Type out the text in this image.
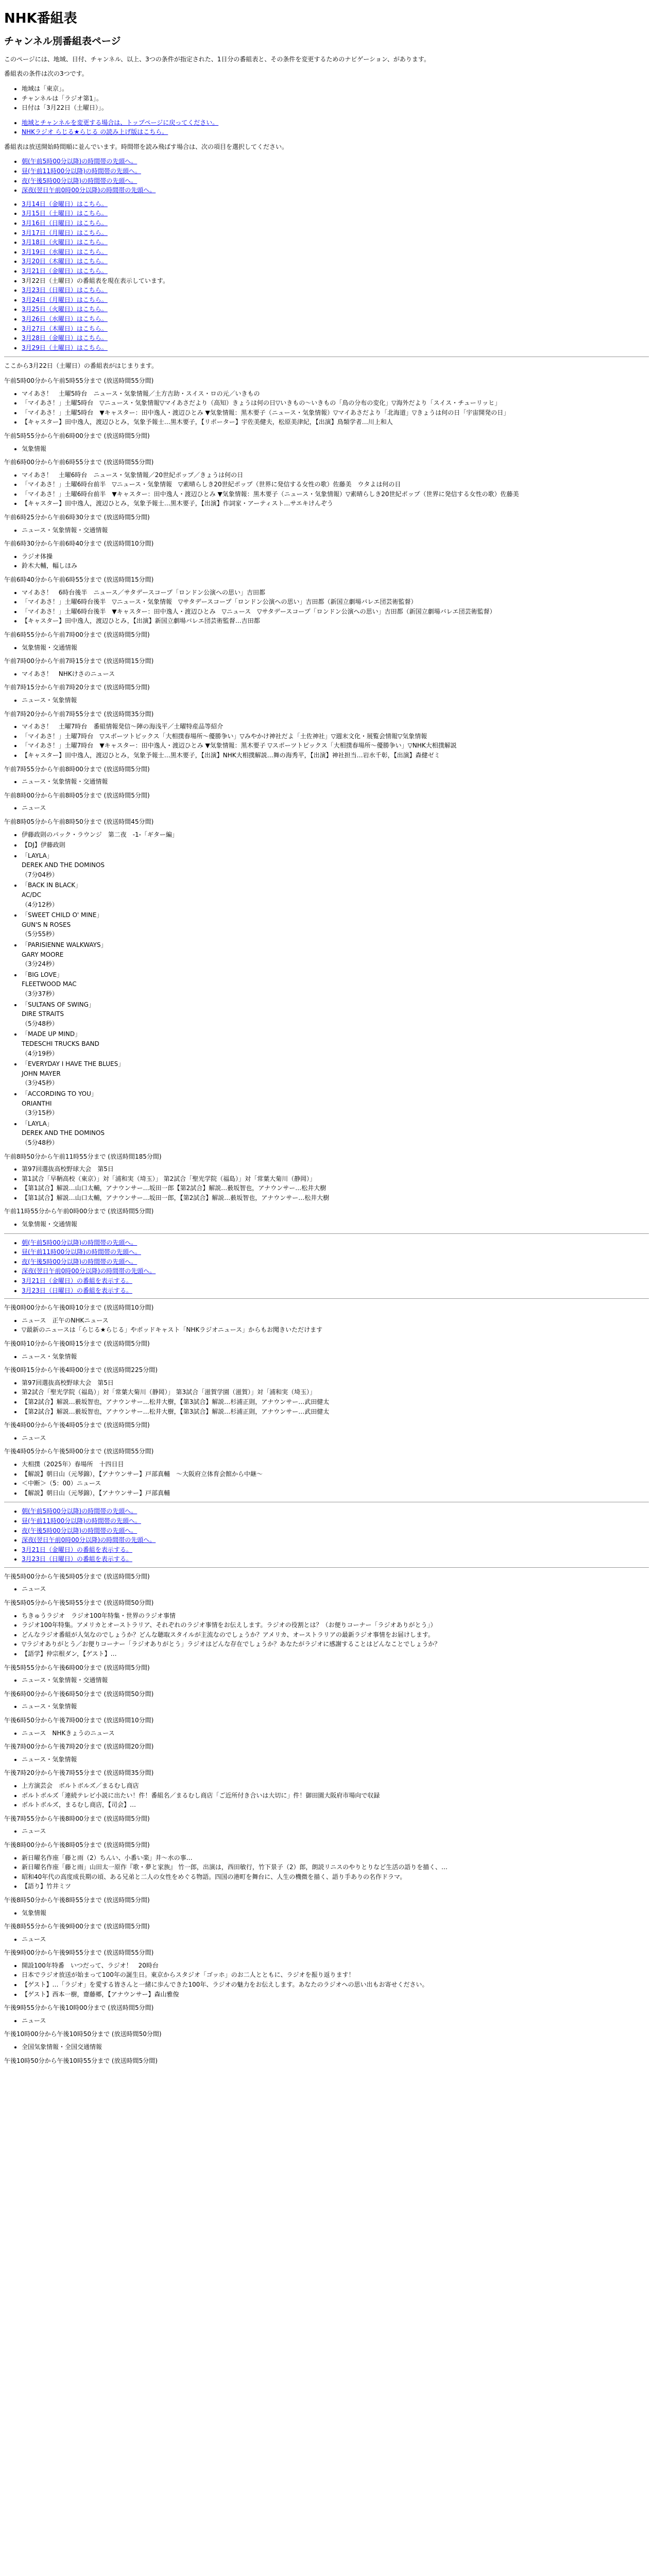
NHK番組表
チャンネル別番組表ページ

このページには、地域、日付、チャンネル、以上、3つの条件が指定された、1日分の番組表と、その条件を変更するためのナビゲーション、があります。

番組表の条件は次の3つです。

• 地域は「東京」。
• チャンネルは「ラジオ第1」。
• 日付は「3月22日（土曜日）」。
• 地域とチャンネルを変更する場合は、トップページに戻ってください。
• NHKラジオ らじる★らじる の読み上げ版はこちら。

番組表は放送開始時間順に並んでいます。時間帯を読み飛ばす場合は、次の項目を選択してください。

• 朝(午前5時00分以降)の時間帯の先頭へ。
• 昼(午前11時00分以降)の時間帯の先頭へ。
• 夜(午後5時00分以降)の時間帯の先頭へ。
• 深夜(翌日午前0時00分以降)の時間帯の先頭へ。
• 3月14日（金曜日）はこちら。
• 3月15日（土曜日）はこちら。
• 3月16日（日曜日）はこちら。
• 3月17日（月曜日）はこちら。
• 3月18日（火曜日）はこちら。
• 3月19日（水曜日）はこちら。
• 3月20日（木曜日）はこちら。
• 3月21日（金曜日）はこちら。
• 3月22日（土曜日）の番組表を現在表示しています。
• 3月23日（日曜日）はこちら。
• 3月24日（月曜日）はこちら。
• 3月25日（火曜日）はこちら。
• 3月26日（水曜日）はこちら。
• 3月27日（木曜日）はこちら。
• 3月28日（金曜日）はこちら。
• 3月29日（土曜日）はこちら。

ここから3月22日（土曜日）の番組表がはじまります。

午前5時00分から午前5時55分まで (放送時間55分間)

• マイあさ！　土曜5時台　ニュース・気象情報／土方吉助・スイス・ロの元／いきもの
• 「マイあさ！」土曜5時台　▽ニュース・気象情報▽マイあさだより（高知）きょうは何の日▽いきもの～いきもの「鳥の分布の変化」▽海外だより「スイス・チューリッヒ」
• 「マイあさ！」土曜5時台　▼キャスター：田中逸人・渡辺ひとみ ▼気象情報：黒木要子（ニュース・気象情報）▽マイあさだより「北海道」▽きょうは何の日「宇宙開発の日」
• 【キャスター】田中逸人，渡辺ひとみ，気象予報士…黒木要子，【リポーター】宇佐美健夫，松原美津紀，【出演】鳥類学者…川上和人

午前5時55分から午前6時00分まで (放送時間5分間)

• 気象情報

午前6時00分から午前6時55分まで (放送時間55分間)

• マイあさ！　土曜6時台　ニュース・気象情報／20世紀ポップ／きょうは何の日
• 「マイあさ！」土曜6時台前半　▽ニュース・気象情報　▽素晴らしき20世紀ポップ（世界に発信する女性の歌）佐藤美　ウタよは何の日
• 「マイあさ！」土曜6時台前半　▼キャスター：田中逸人・渡辺ひとみ ▼気象情報：黒木要子（ニュース・気象情報）▽素晴らしき20世紀ポップ（世界に発信する女性の歌）佐藤美
• 【キャスター】田中逸人，渡辺ひとみ，気象予報士…黒木要子，【出演】作詞家・アーティスト…サエキけんぞう

午前6時25分から午前6時30分まで (放送時間5分間)

• ニュース・気象情報・交通情報

午前6時30分から午前6時40分まで (放送時間10分間)

• ラジオ体操
• 鈴木大輔，幅しほみ

午前6時40分から午前6時55分まで (放送時間15分間)

• マイあさ！　6時台後半　ニュース／サタデースコープ「ロンドン公演への思い」吉田都
• 「マイあさ！」土曜6時台後半　▽ニュース・気象情報　▽サタデースコープ「ロンドン公演への思い」吉田都（新国立劇場バレエ団芸術監督）
• 「マイあさ！」土曜6時台後半　▼キャスター：田中逸人・渡辺ひとみ　▽ニュース　▽サタデースコープ「ロンドン公演への思い」吉田都（新国立劇場バレエ団芸術監督）
• 【キャスター】田中逸人，渡辺ひとみ，【出演】新国立劇場バレエ団芸術監督…吉田都

午前6時55分から午前7時00分まで (放送時間5分間)

• 気象情報・交通情報

午前7時00分から午前7時15分まで (放送時間15分間)

• マイあさ！　NHKけさのニュース

午前7時15分から午前7時20分まで (放送時間5分間)

• ニュース・気象情報

午前7時20分から午前7時55分まで (放送時間35分間)

• マイあさ！　土曜7時台　番組情報発信～陣の海浅平／土曜特産品等紹介
• 「マイあさ！」土曜7時台　▽スポーツトピックス「大相撲春場所～優勝争い」▽みやかけ神社だよ「土佐神社」▽週末文化・展覧会情報▽気象情報
• 「マイあさ！」土曜7時台　▼キャスター：田中逸人・渡辺ひとみ ▼気象情報：黒木要子 ▽スポーツトピックス「大相撲春場所～優勝争い」▽NHK大相撲解説
• 【キャスター】田中逸人，渡辺ひとみ，気象予報士…黒木要子，【出演】NHK大相撲解説…舞の海秀平，【出演】神社担当…岩水千彰，【出演】森健ゼミ

午前7時55分から午前8時00分まで (放送時間5分間)

• ニュース・気象情報・交通情報

午前8時00分から午前8時05分まで (放送時間5分間)

• ニュース

午前8時05分から午前8時50分まで (放送時間45分間)

• 伊藤政則のパック・ラウンジ　第二夜　-1-「ギター編」
• 【DJ】伊藤政則
• 「LAYLA」
DEREK AND THE DOMINOS
（7分04秒）
• 「BACK IN BLACK」
AC/DC
（4分12秒）
• 「SWEET CHILD O' MINE」
GUN'S N ROSES
（5分55秒）
• 「PARISIENNE WALKWAYS」
GARY MOORE
（3分24秒）
• 「BIG LOVE」
FLEETWOOD MAC
（3分37秒）
• 「SULTANS OF SWING」
DIRE STRAITS
（5分48秒）
• 「MADE UP MIND」
TEDESCHI TRUCKS BAND
（4分19秒）
• 「EVERYDAY I HAVE THE BLUES」
JOHN MAYER
（3分45秒）
• 「ACCORDING TO YOU」
ORIANTHI
（3分15秒）
• 「LAYLA」
DEREK AND THE DOMINOS
（5分48秒）

午前8時50分から午前11時55分まで (放送時間185分間)

• 第97回選抜高校野球大会　第5日
• 第1試合「早鞆高校（東京）」対「浦和実（埼玉）」 第2試合「聖光学院（福島）」対「常葉大菊川（静岡）」
• 【第1試合】解説…山口太輔，アナウンサー…坂田一郎【第2試合】解説…薮坂智也，アナウンサー…松井大樹
• 【第1試合】解説…山口太輔，アナウンサー…坂田一郎，【第2試合】解説…薮坂智也，アナウンサー…松井大樹

午前11時55分から午前0時00分まで (放送時間5分間)

• 気象情報・交通情報
• 朝(午前5時00分以降)の時間帯の先頭へ。
• 昼(午前11時00分以降)の時間帯の先頭へ。
• 夜(午後5時00分以降)の時間帯の先頭へ。
• 深夜(翌日午前0時00分以降)の時間帯の先頭へ。
• 3月21日（金曜日）の番組を表示する。
• 3月23日（日曜日）の番組を表示する。

午後0時00分から午後0時10分まで (放送時間10分間)

• ニュース　正午のNHKニュース
• ▽最新のニュースは「らじる★らじる」やポッドキャスト「NHKラジオニュース」からもお聞きいただけます

午後0時10分から午後0時15分まで (放送時間5分間)

• ニュース・気象情報

午後0時15分から午後4時00分まで (放送時間225分間)

• 第97回選抜高校野球大会　第5日
• 第2試合「聖光学院（福島）」対「常葉大菊川（静岡）」 第3試合「滋賀学園（滋賀）」対「浦和実（埼玉）」
• 【第2試合】解説…薮坂智也，アナウンサー…松井大樹，【第3試合】解説…杉浦正則，アナウンサー…武田健太
• 【第2試合】解説…薮坂智也，アナウンサー…松井大樹，【第3試合】解説…杉浦正則，アナウンサー…武田健太

午後4時00分から午後4時05分まで (放送時間5分間)

• ニュース

午後4時05分から午後5時00分まで (放送時間55分間)

• 大相撲（2025年）春場所　十四日目
• 【解説】朝日山（元琴錦），【アナウンサー】戸部真輔　～大阪府立体育会館から中継～
• ＜中断＞（5：00）ニュース
• 【解説】朝日山（元琴錦），【アナウンサー】戸部真輔
• 朝(午前5時00分以降)の時間帯の先頭へ。
• 昼(午前11時00分以降)の時間帯の先頭へ。
• 夜(午後5時00分以降)の時間帯の先頭へ。
• 深夜(翌日午前0時00分以降)の時間帯の先頭へ。
• 3月21日（金曜日）の番組を表示する。
• 3月23日（日曜日）の番組を表示する。

午後5時00分から午後5時05分まで (放送時間5分間)

• ニュース

午後5時05分から午後5時55分まで (放送時間50分間)

• ちきゅうラジオ　ラジオ100年特集・世界のラジオ事情
• ラジオ100年特集。アメリカとオーストラリア、それぞれのラジオ事情をお伝えします。ラジオの役割とは？（お便りコーナー「ラジオありがとう」）
• どんなラジオ番組が人気なのでしょうか？どんな聴取スタイルが主流なのでしょうか？アメリカ、オーストラリアの最新ラジオ事情をお届けします。
• ▽ラジオありがとう／お便りコーナー「ラジオありがとう」ラジオはどんな存在でしょうか？あなたがラジオに感謝することはどんなことでしょうか？
• 【語学】仲宗根ダン，【ゲスト】…

午後5時55分から午後6時00分まで (放送時間5分間)

• ニュース・気象情報・交通情報

午後6時00分から午後6時50分まで (放送時間50分間)

• ニュース・気象情報

午後6時50分から午後7時00分まで (放送時間10分間)

• ニュース　NHKきょうのニュース

午後7時00分から午後7時20分まで (放送時間20分間)

• ニュース・気象情報

午後7時20分から午後7時55分まで (放送時間35分間)

• 上方演芸会　ボルトボルズ／まるむし商店
• ボルトボルズ「連続テレビ小説に出たい！件！番組名／まるむし商店「ご近所付き合いは大切に」件！御田園大阪府市場向で収録
• ボルトボルズ，まるむし商店，【司会】…

午後7時55分から午後8時00分まで (放送時間5分間)

• ニュース

午後8時00分から午後8時05分まで (放送時間5分間)

• 新日曜名作座「藤と雨（2）ちんい、小番い楽」井～水の事…
• 新日曜名作座「藤と雨」山田太一原作『歌・夢と家族』 竹一郎，出演は，西田敏行，竹下景子（2）郎，朗読リニスのやりとりなど生活の語りを描く、…
• 昭和40年代の高度成長期の頃、ある兄弟と二人の女性をめぐる物語。四国の港町を舞台に、人生の機微を描く、語り手ありの名作ドラマ。
• 【語り】竹井ミツ

午後8時50分から午後8時55分まで (放送時間5分間)

• 気象情報

午後8時55分から午後9時00分まで (放送時間5分間)

• ニュース

午後9時00分から午後9時55分まで (放送時間55分間)

• 開設100年特番　いつだって、ラジオ！　20時台
• 日本でラジオ放送が始まって100年の誕生日。東京からスタジオ「ゴッホ」のお二人とともに、ラジオを振り返ります！
• 【ゲスト】…「ラジオ」を愛する皆さんと一緒に歩んできた100年、ラジオの魅力をお伝えします。あなたのラジオへの思い出もお寄せください。
• 【ゲスト】西本一樹，齋藤郷，【アナウンサー】森山雅俊

午後9時55分から午後10時00分まで (放送時間5分間)

• ニュース

午後10時00分から午後10時50分まで (放送時間50分間)

• 全国気象情報・全国交通情報

午後10時50分から午後10時55分まで (放送時間5分間)
